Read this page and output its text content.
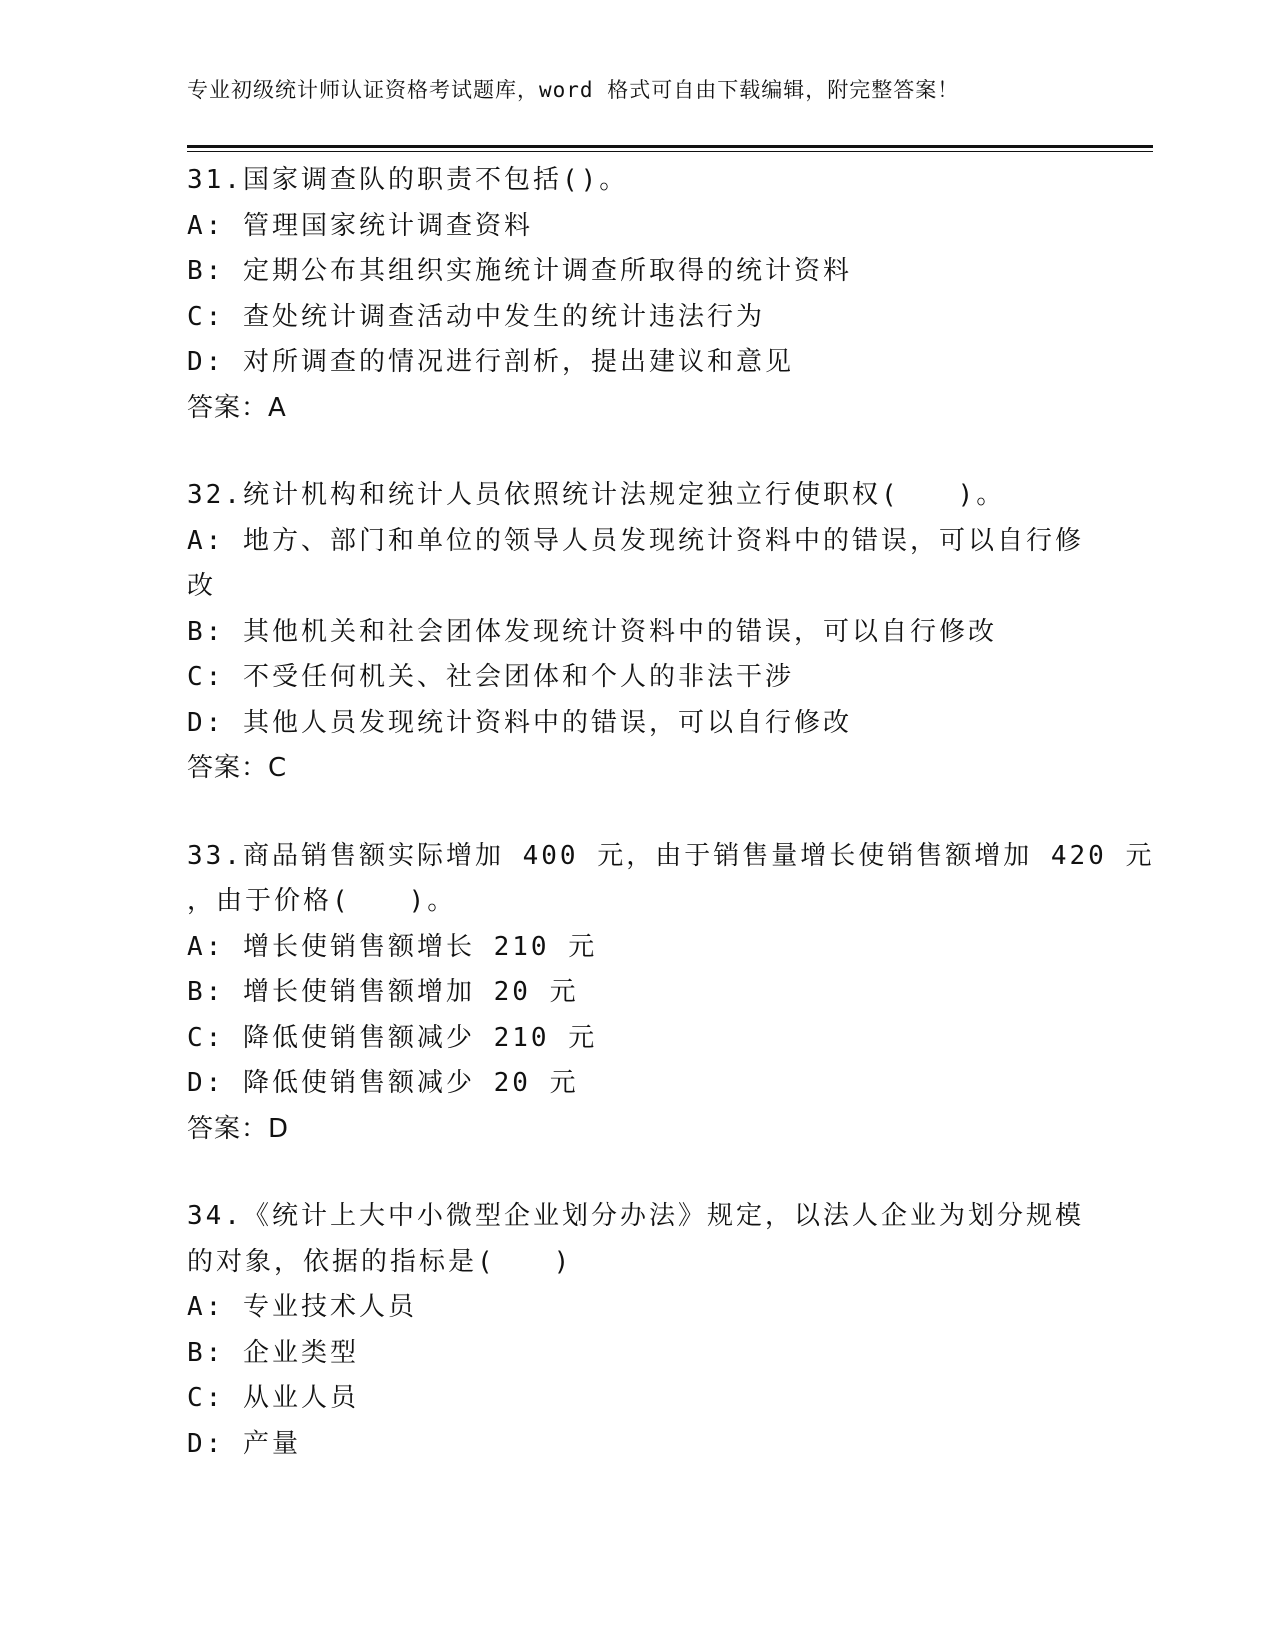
专业初级统计师认证资格考试题库，word 格式可自由下载编辑，附完整答案！
31.国家调查队的职责不包括()。
A: 管理国家统计调查资料
B: 定期公布其组织实施统计调查所取得的统计资料
C: 查处统计调查活动中发生的统计违法行为
D: 对所调查的情况进行剖析，提出建议和意见
答案：A
32.统计机构和统计人员依照统计法规定独立行使职权(　　)。
A: 地方、部门和单位的领导人员发现统计资料中的错误，可以自行修
改
B: 其他机关和社会团体发现统计资料中的错误，可以自行修改
C: 不受任何机关、社会团体和个人的非法干涉
D: 其他人员发现统计资料中的错误，可以自行修改
答案：C
33.商品销售额实际增加 400 元，由于销售量增长使销售额增加 420 元
，由于价格(　　)。
A: 增长使销售额增长 210 元
B: 增长使销售额增加 20 元
C: 降低使销售额减少 210 元
D: 降低使销售额减少 20 元
答案：D
34.《统计上大中小微型企业划分办法》规定，以法人企业为划分规模
的对象，依据的指标是(　　)
A: 专业技术人员
B: 企业类型
C: 从业人员
D: 产量
